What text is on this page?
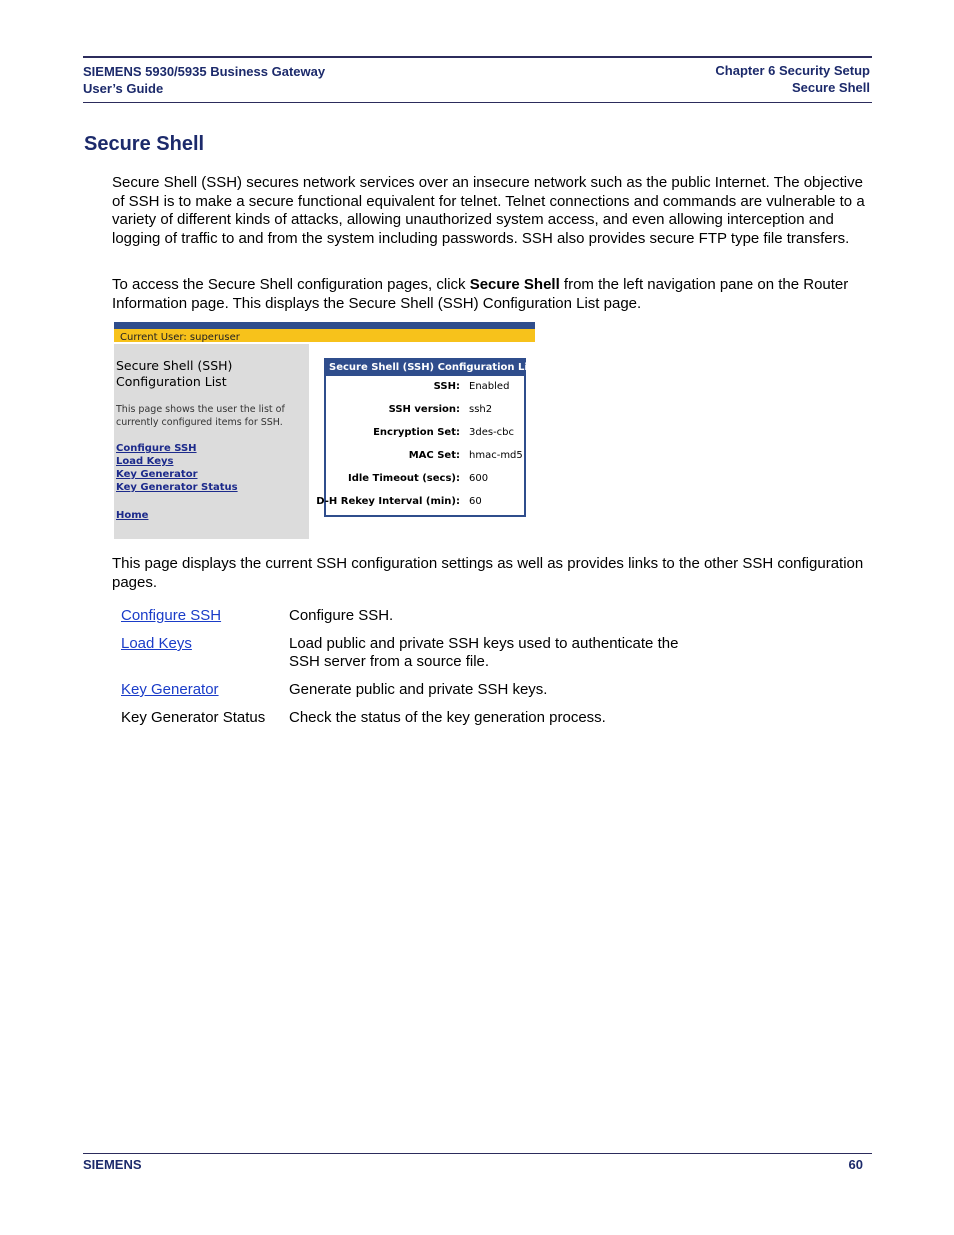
SIEMENS 5930/5935 Business Gateway
User’s Guide
Chapter 6 Security Setup
Secure Shell
Secure Shell

Secure Shell (SSH) secures network services over an insecure network such as the public Internet. The objective of SSH is to make a secure functional equivalent for telnet. Telnet connections and commands are vulnerable to a variety of different kinds of attacks, allowing unauthorized system access, and even allowing interception and logging of traffic to and from the system including passwords. SSH also provides secure FTP type file transfers.

To access the Secure Shell configuration pages, click Secure Shell from the left navigation pane on the Router Information page. This displays the Secure Shell (SSH) Configuration List page.

Current User: superuser
Secure Shell (SSH)
Configuration List
This page shows the user the list of currently configured items for SSH.
Configure SSH
Load Keys
Key Generator
Key Generator Status
Home
Secure Shell (SSH) Configuration List
SSH: Enabled
SSH version: ssh2
Encryption Set: 3des-cbc
MAC Set: hmac-md5
Idle Timeout (secs): 600
D-H Rekey Interval (min): 60

This page displays the current SSH configuration settings as well as provides links to the other SSH configuration pages.

Configure SSH	Configure SSH.
Load Keys	Load public and private SSH keys used to authenticate the SSH server from a source file.
Key Generator	Generate public and private SSH keys.
Key Generator Status	Check the status of the key generation process.
SIEMENS	60
